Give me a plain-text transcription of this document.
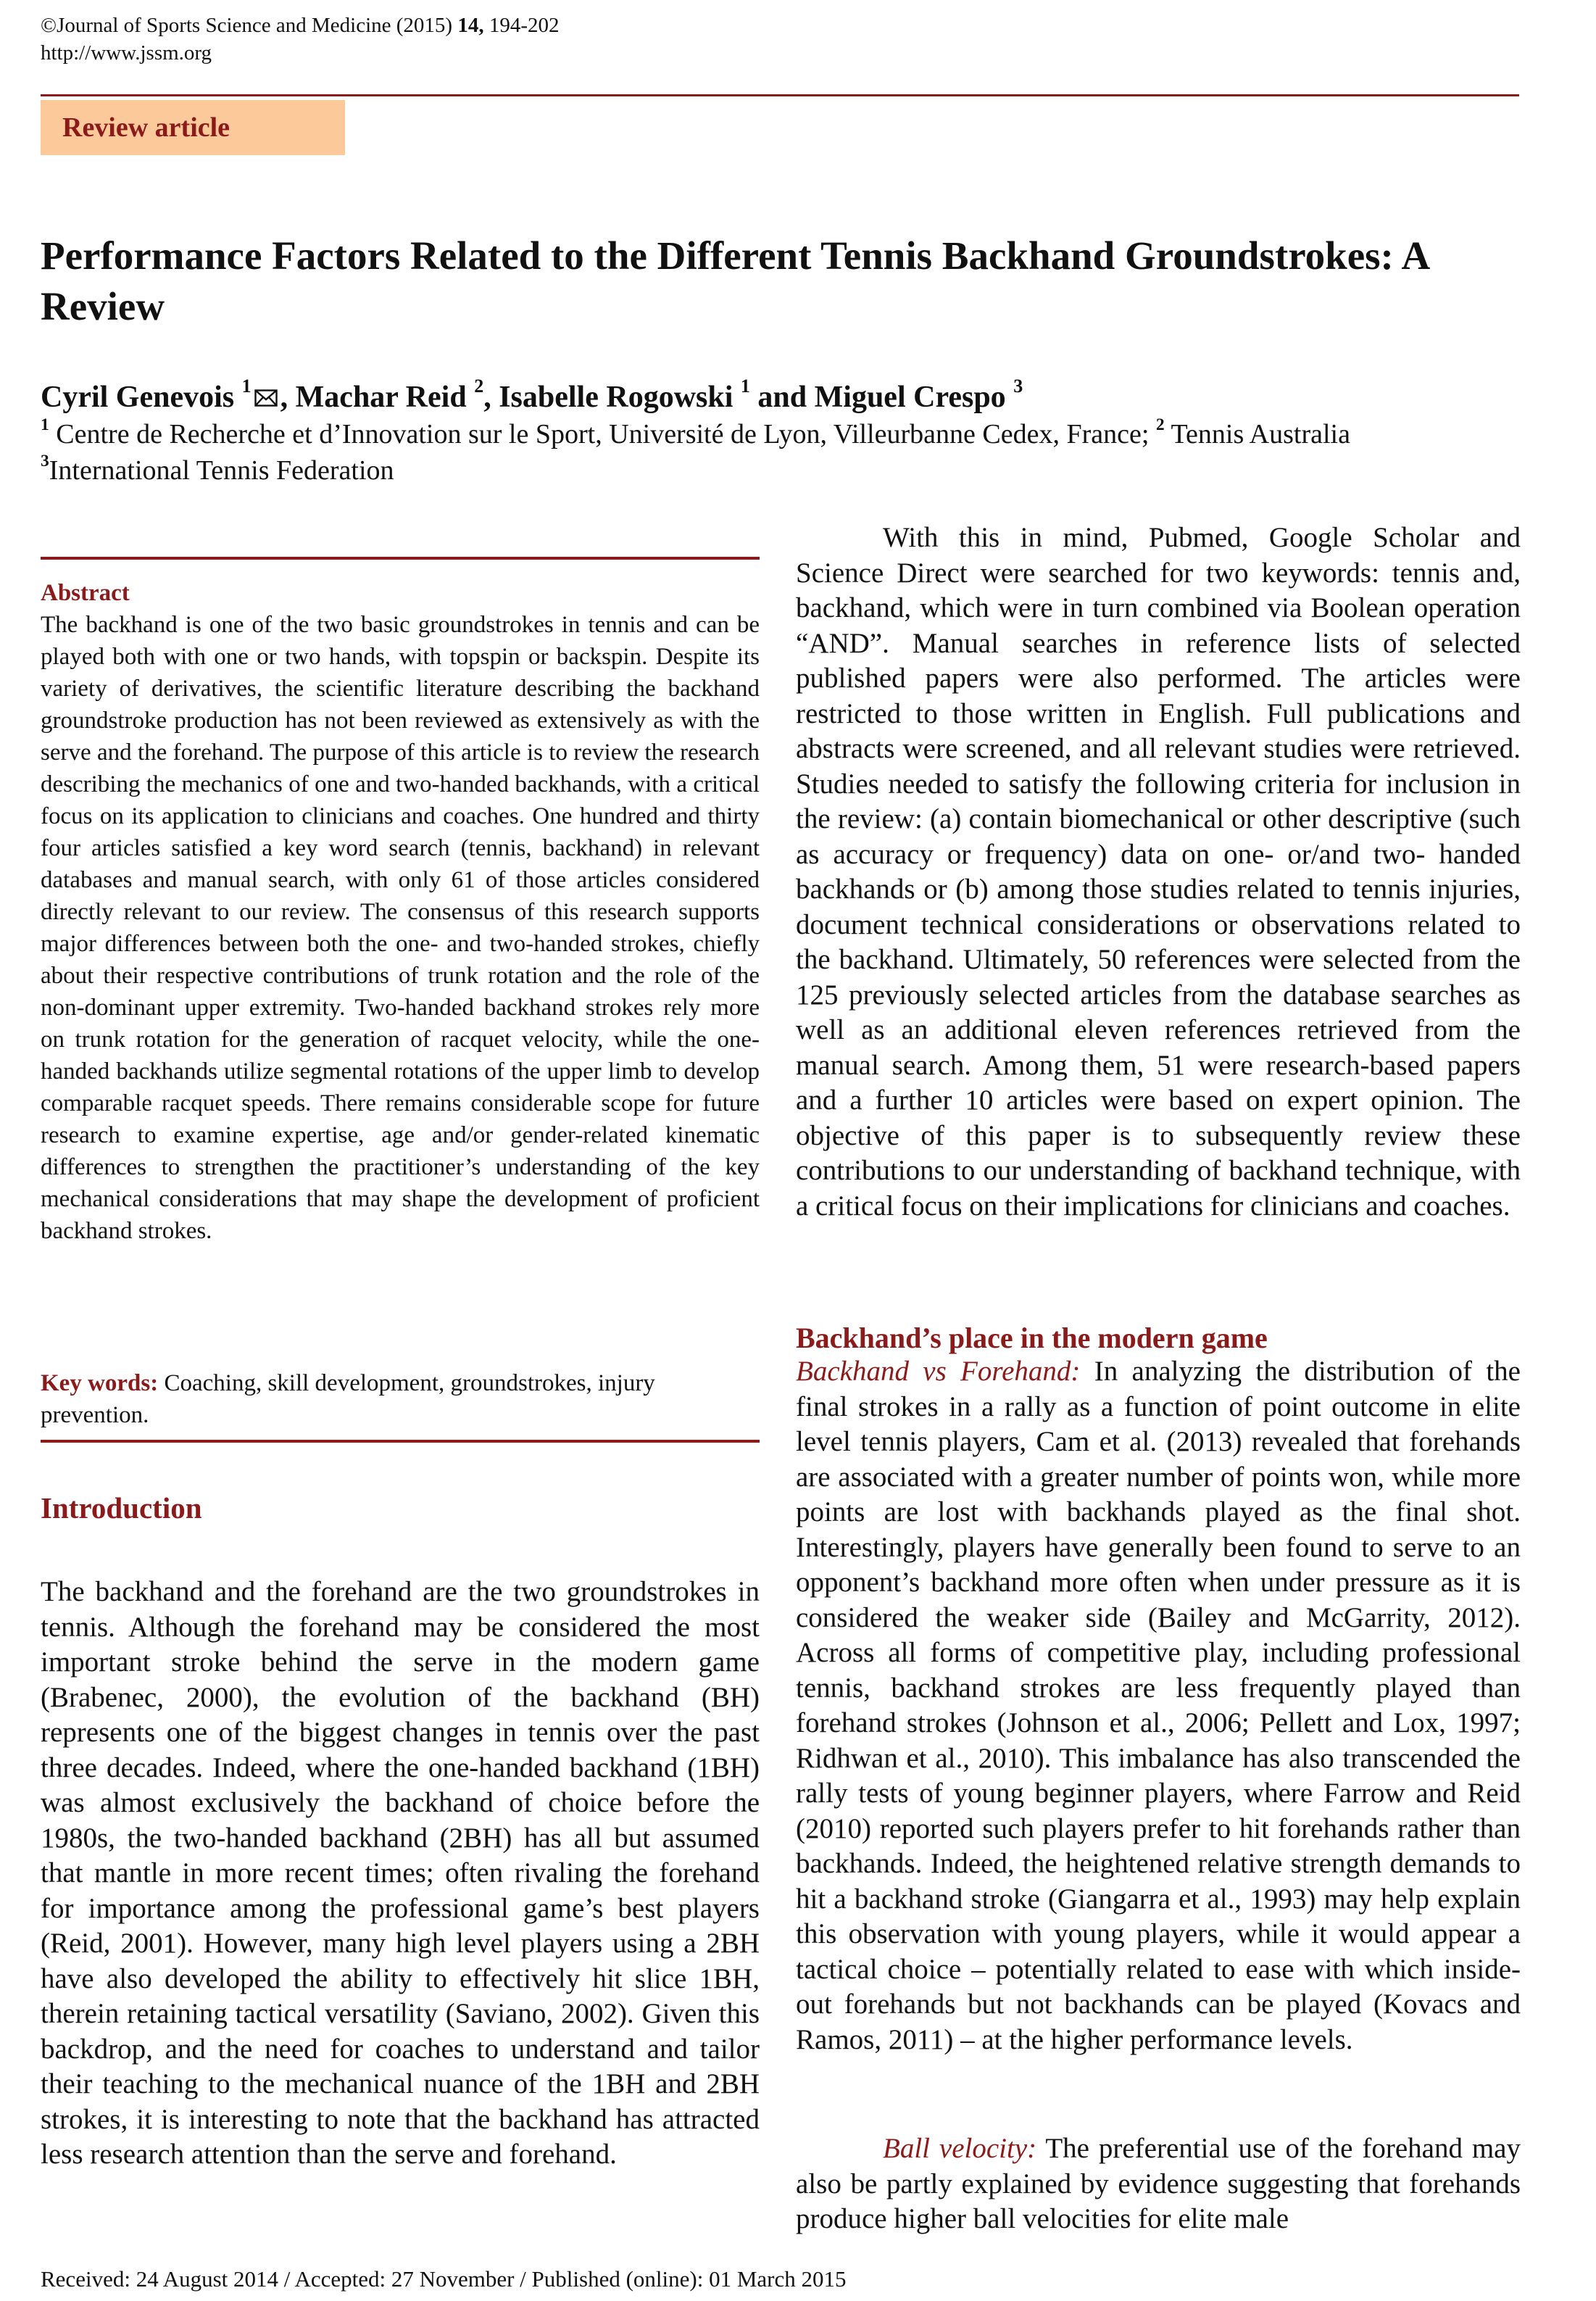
©Journal of Sports Science and Medicine (2015) 14, 194-202
http://www.jssm.org
Review article
Performance Factors Related to the Different Tennis Backhand Groundstrokes: A Review
Cyril Genevois $^1$ , Machar Reid $^2$, Isabelle Rogowski $^1$ and Miguel Crespo $^3$
$^1$ Centre de Recherche et d’Innovation sur le Sport, Université de Lyon, Villeurbanne Cedex, France; $^2$ Tennis Australia
$^3$International Tennis Federation
Abstract

The backhand is one of the two basic groundstrokes in tennis and can be played both with one or two hands, with topspin or backspin. Despite its variety of derivatives, the scientific literature describing the backhand groundstroke production has not been reviewed as extensively as with the serve and the forehand. The purpose of this article is to review the research describing the mechanics of one and two-handed backhands, with a critical focus on its application to clinicians and coaches. One hundred and thirty four articles satisfied a key word search (tennis, backhand) in relevant databases and manual search, with only 61 of those articles considered directly relevant to our review. The consensus of this research supports major differences between both the one- and two-handed strokes, chiefly about their respective contributions of trunk rotation and the role of the non-dominant upper extremity. Two-handed backhand strokes rely more on trunk rotation for the generation of racquet velocity, while the one-handed backhands utilize segmental rotations of the upper limb to develop comparable racquet speeds. There remains considerable scope for future research to examine expertise, age and/or gender-related kinematic differences to strengthen the practitioner’s understanding of the key mechanical considerations that may shape the development of proficient backhand strokes.

Key words: Coaching, skill development, groundstrokes, injury prevention.
Introduction

The backhand and the forehand are the two groundstrokes in tennis. Although the forehand may be considered the most important stroke behind the serve in the modern game (Brabenec, 2000), the evolution of the backhand (BH) represents one of the biggest changes in tennis over the past three decades. Indeed, where the one-handed backhand (1BH) was almost exclusively the backhand of choice before the 1980s, the two-handed backhand (2BH) has all but assumed that mantle in more recent times; often rivaling the forehand for importance among the professional game’s best players (Reid, 2001). However, many high level players using a 2BH have also developed the ability to effectively hit slice 1BH, therein retaining tactical versatility (Saviano, 2002). Given this backdrop, and the need for coaches to understand and tailor their teaching to the mechanical nuance of the 1BH and 2BH strokes, it is interesting to note that the backhand has attracted less research attention than the serve and forehand.

With this in mind, Pubmed, Google Scholar and Science Direct were searched for two keywords: tennis and, backhand, which were in turn combined via Boolean operation “AND”. Manual searches in reference lists of selected published papers were also performed. The articles were restricted to those written in English. Full publications and abstracts were screened, and all relevant studies were retrieved. Studies needed to satisfy the following criteria for inclusion in the review: (a) contain biomechanical or other descriptive (such as accuracy or frequency) data on one- or/and two- handed backhands or (b) among those studies related to tennis injuries, document technical considerations or observations related to the backhand. Ultimately, 50 references were selected from the 125 previously selected articles from the database searches as well as an additional eleven references retrieved from the manual search. Among them, 51 were research-based papers and a further 10 articles were based on expert opinion. The objective of this paper is to subsequently review these contributions to our understanding of backhand technique, with a critical focus on their implications for clinicians and coaches.

Backhand’s place in the modern game

Backhand vs Forehand: In analyzing the distribution of the final strokes in a rally as a function of point outcome in elite level tennis players, Cam et al. (2013) revealed that forehands are associated with a greater number of points won, while more points are lost with backhands played as the final shot. Interestingly, players have generally been found to serve to an opponent’s backhand more often when under pressure as it is considered the weaker side (Bailey and McGarrity, 2012). Across all forms of competitive play, including professional tennis, backhand strokes are less frequently played than forehand strokes (Johnson et al., 2006; Pellett and Lox, 1997; Ridhwan et al., 2010). This imbalance has also transcended the rally tests of young beginner players, where Farrow and Reid (2010) reported such players prefer to hit forehands rather than backhands. Indeed, the heightened relative strength demands to hit a backhand stroke (Giangarra et al., 1993) may help explain this observation with young players, while it would appear a tactical choice – potentially related to ease with which inside-out forehands but not backhands can be played (Kovacs and Ramos, 2011) – at the higher performance levels.

Ball velocity: The preferential use of the forehand may also be partly explained by evidence suggesting that forehands produce higher ball velocities for elite male

Received: 24 August 2014 / Accepted: 27 November / Published (online): 01 March 2015
